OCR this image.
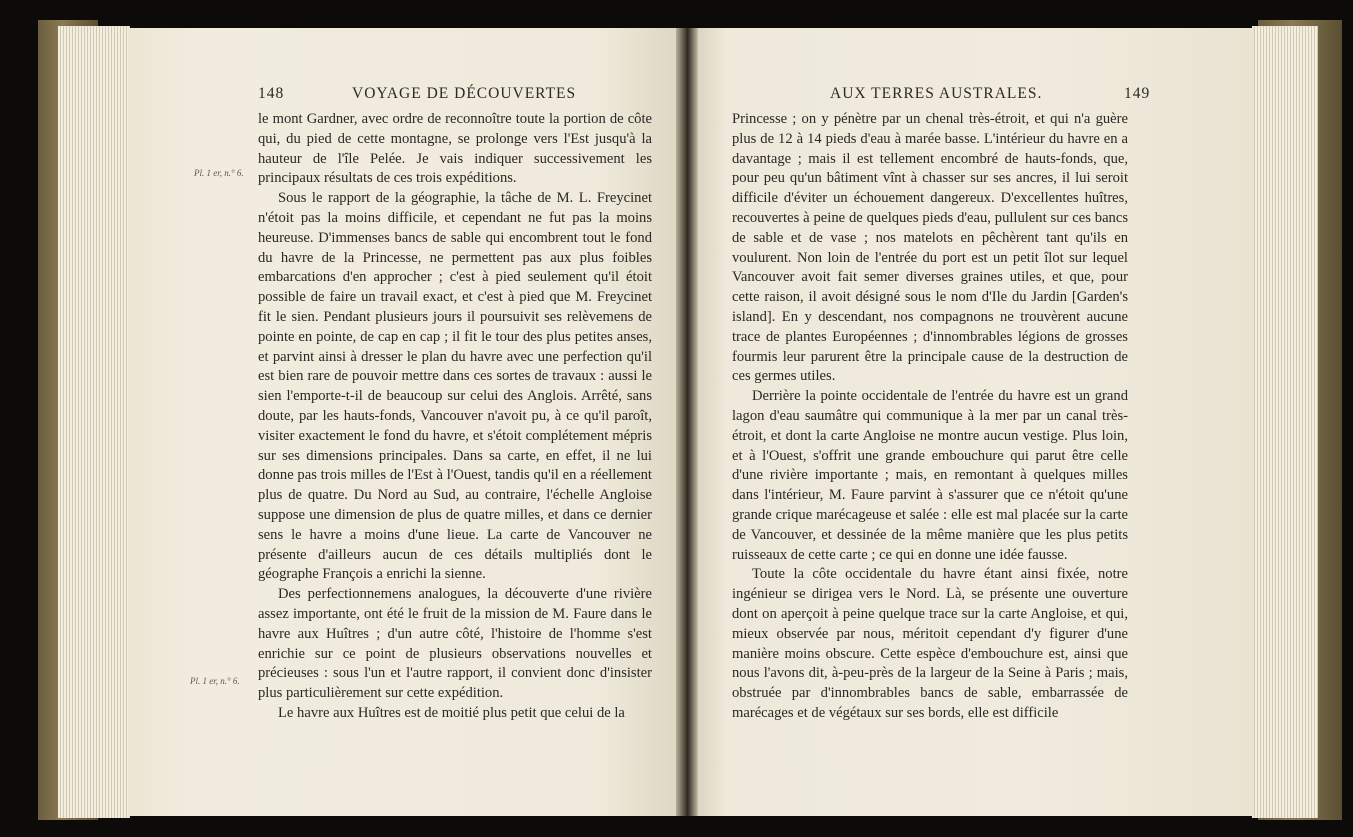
148	VOYAGE DE DÉCOUVERTES
Pl. 1 er, n.° 6.
Pl. 1 er, n.° 6.

le mont Gardner, avec ordre de reconnoître toute la portion de côte qui, du pied de cette montagne, se prolonge vers l'Est jusqu'à la hauteur de l'île Pelée. Je vais indiquer successivement les principaux résultats de ces trois expéditions.

Sous le rapport de la géographie, la tâche de M. L. Freycinet n'étoit pas la moins difficile, et cependant ne fut pas la moins heureuse. D'immenses bancs de sable qui encombrent tout le fond du havre de la Princesse, ne permettent pas aux plus foibles embarcations d'en approcher ; c'est à pied seulement qu'il étoit possible de faire un travail exact, et c'est à pied que M. Freycinet fit le sien. Pendant plusieurs jours il poursuivit ses relèvemens de pointe en pointe, de cap en cap ; il fit le tour des plus petites anses, et parvint ainsi à dresser le plan du havre avec une perfection qu'il est bien rare de pouvoir mettre dans ces sortes de travaux : aussi le sien l'emporte-t-il de beaucoup sur celui des Anglois. Arrêté, sans doute, par les hauts-fonds, Vancouver n'avoit pu, à ce qu'il paroît, visiter exactement le fond du havre, et s'étoit complétement mépris sur ses dimensions principales. Dans sa carte, en effet, il ne lui donne pas trois milles de l'Est à l'Ouest, tandis qu'il en a réellement plus de quatre. Du Nord au Sud, au contraire, l'échelle Angloise suppose une dimension de plus de quatre milles, et dans ce dernier sens le havre a moins d'une lieue. La carte de Vancouver ne présente d'ailleurs aucun de ces détails multipliés dont le géographe François a enrichi la sienne.

Des perfectionnemens analogues, la découverte d'une rivière assez importante, ont été le fruit de la mission de M. Faure dans le havre aux Huîtres ; d'un autre côté, l'histoire de l'homme s'est enrichie sur ce point de plusieurs observations nouvelles et précieuses : sous l'un et l'autre rapport, il convient donc d'insister plus particulièrement sur cette expédition.

Le havre aux Huîtres est de moitié plus petit que celui de la

AUX TERRES AUSTRALES.	149

Princesse ; on y pénètre par un chenal très-étroit, et qui n'a guère plus de 12 à 14 pieds d'eau à marée basse. L'intérieur du havre en a davantage ; mais il est tellement encombré de hauts-fonds, que, pour peu qu'un bâtiment vînt à chasser sur ses ancres, il lui seroit difficile d'éviter un échouement dangereux. D'excellentes huîtres, recouvertes à peine de quelques pieds d'eau, pullulent sur ces bancs de sable et de vase ; nos matelots en pêchèrent tant qu'ils en voulurent. Non loin de l'entrée du port est un petit îlot sur lequel Vancouver avoit fait semer diverses graines utiles, et que, pour cette raison, il avoit désigné sous le nom d'Ile du Jardin [Garden's island]. En y descendant, nos compagnons ne trouvèrent aucune trace de plantes Européennes ; d'innombrables légions de grosses fourmis leur parurent être la principale cause de la destruction de ces germes utiles.

Derrière la pointe occidentale de l'entrée du havre est un grand lagon d'eau saumâtre qui communique à la mer par un canal très-étroit, et dont la carte Angloise ne montre aucun vestige. Plus loin, et à l'Ouest, s'offrit une grande embouchure qui parut être celle d'une rivière importante ; mais, en remontant à quelques milles dans l'intérieur, M. Faure parvint à s'assurer que ce n'étoit qu'une grande crique marécageuse et salée : elle est mal placée sur la carte de Vancouver, et dessinée de la même manière que les plus petits ruisseaux de cette carte ; ce qui en donne une idée fausse.

Toute la côte occidentale du havre étant ainsi fixée, notre ingénieur se dirigea vers le Nord. Là, se présente une ouverture dont on aperçoit à peine quelque trace sur la carte Angloise, et qui, mieux observée par nous, méritoit cependant d'y figurer d'une manière moins obscure. Cette espèce d'embouchure est, ainsi que nous l'avons dit, à-peu-près de la largeur de la Seine à Paris ; mais, obstruée par d'innombrables bancs de sable, embarrassée de marécages et de végétaux sur ses bords, elle est difficile
